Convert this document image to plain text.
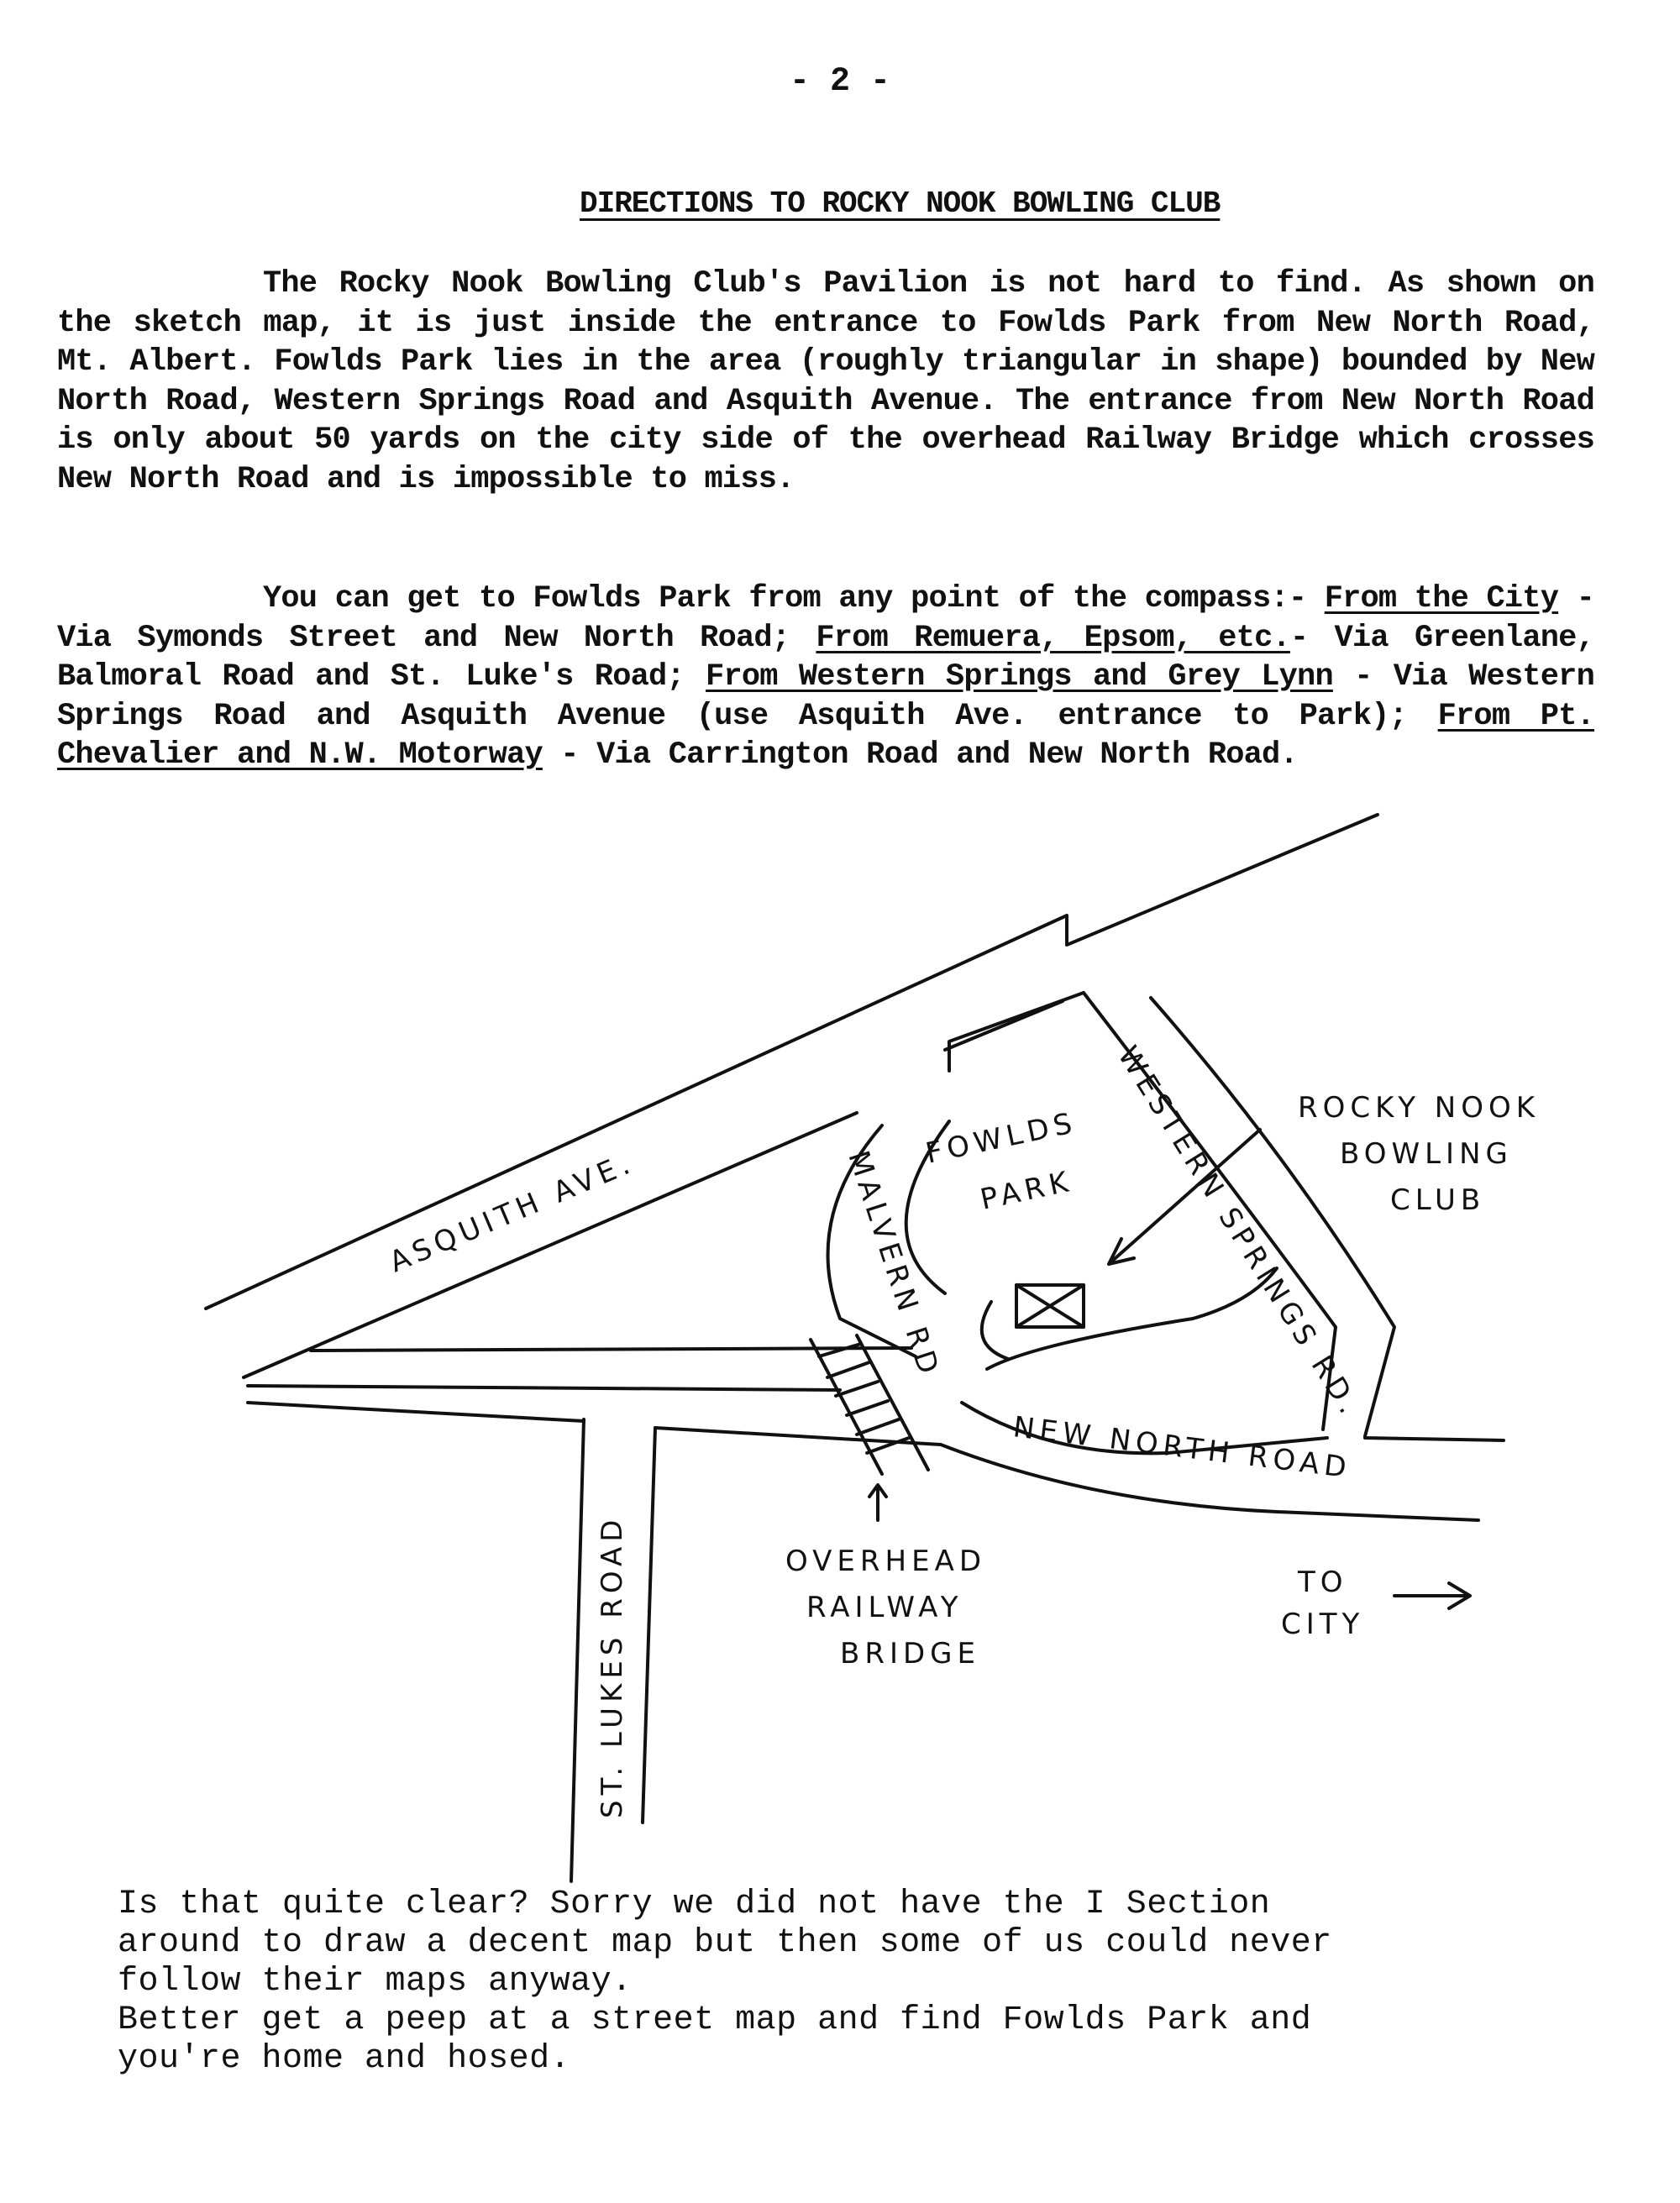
- 2 -
DIRECTIONS TO ROCKY NOOK BOWLING CLUB

The Rocky Nook Bowling Club's Pavilion is not hard to find. As shown on the sketch map, it is just inside the entrance to Fowlds Park from New North Road, Mt. Albert. Fowlds Park lies in the area (roughly triangular in shape) bounded by New North Road, Western Springs Road and Asquith Avenue. The entrance from New North Road is only about 50 yards on the city side of the overhead Railway Bridge which crosses New North Road and is impossible to miss.

You can get to Fowlds Park from any point of the compass:- From the City - Via Symonds Street and New North Road; From Remuera, Epsom, etc.- Via Greenlane, Balmoral Road and St. Luke's Road; From Western Springs and Grey Lynn - Via Western Springs Road and Asquith Avenue (use Asquith Ave. entrance to Park); From Pt. Chevalier and N.W. Motorway - Via Carrington Road and New North Road.

ASQUITH AVE.
FOWLDS
PARK
MALVERN RD	WESTERN SPRINGS RD.
ROCKY NOOK
BOWLING
CLUB
NEW NORTH ROAD
ST. LUKES ROAD	OVERHEAD
RAILWAY
BRIDGE
TO
CITY
Is that quite clear? Sorry we did not have the I Section
around to draw a decent map but then some of us could never
follow their maps anyway.
Better get a peep at a street map and find Fowlds Park and
you're home and hosed.
